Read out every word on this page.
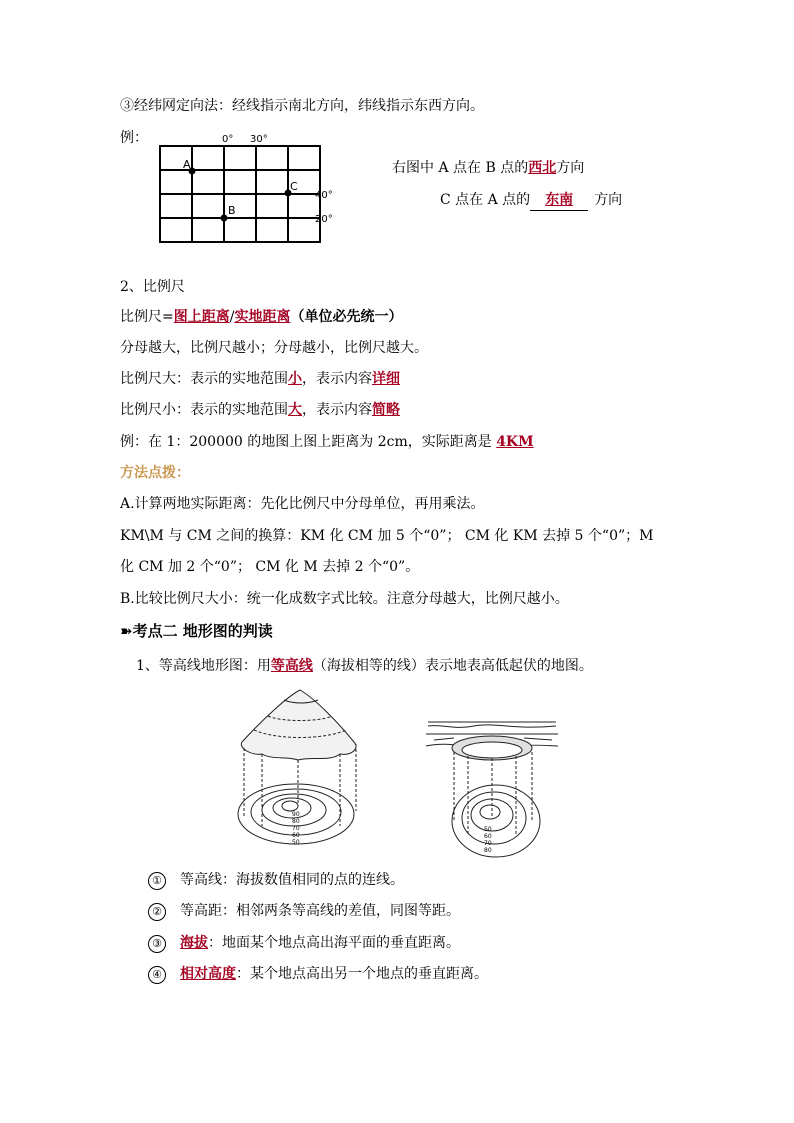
③经纬网定向法：经线指示南北方向，纬线指示东西方向。
例：	0° 30°
40°
20°
A
B
C
右图中 A 点在 B 点的西北方向
C 点在 A 点的 东南 方向
2、比例尺
比例尺=图上距离/实地距离（单位必先统一）
分母越大，比例尺越小；分母越小，比例尺越大。
比例尺大：表示的实地范围小，表示内容详细
比例尺小：表示的实地范围大，表示内容简略
例：在 1：200000 的地图上图上距离为 2cm，实际距离是 4KM
方法点拨：
A.计算两地实际距离：先化比例尺中分母单位，再用乘法。
KM\M 与 CM 之间的换算：KM 化 CM 加 5 个“0”； CM 化 KM 去掉 5 个“0”；M
化 CM 加 2 个“0”； CM 化 M 去掉 2 个“0”。
B.比较比例尺大小：统一化成数字式比较。注意分母越大，比例尺越小。
➽考点二 地形图的判读
1、等高线地形图：用等高线（海拔相等的线）表示地表高低起伏的地图。
90
80
70
60
50
50
60
70
80
① 等高线：海拔数值相同的点的连线。
② 等高距：相邻两条等高线的差值，同图等距。
③ 海拔：地面某个地点高出海平面的垂直距离。
④ 相对高度：某个地点高出另一个地点的垂直距离。
